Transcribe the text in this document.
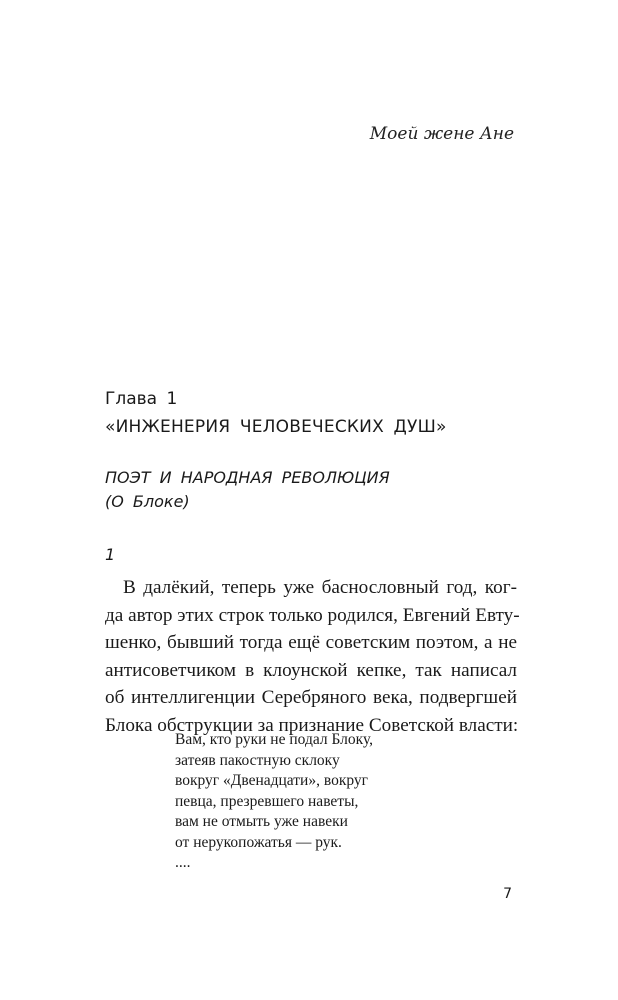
Моей жене Ане
Глава 1
«ИНЖЕНЕРИЯ ЧЕЛОВЕЧЕСКИХ ДУШ»
ПОЭТ И НАРОДНАЯ РЕВОЛЮЦИЯ
(О Блоке)
1
В далёкий, теперь уже баснословный год, ког-
да автор этих строк только родился, Евгений Евту-
шенко, бывший тогда ещё советским поэтом, а не
антисоветчиком в клоунской кепке, так написал
об интеллигенции Серебряного века, подвергшей
Блока обструкции за признание Советской власти:
Вам, кто руки не подал Блоку,
затеяв пакостную склоку
вокруг «Двенадцати», вокруг
певца, презревшего наветы,
вам не отмыть уже навеки
от нерукопожатья — рук.
....
7
